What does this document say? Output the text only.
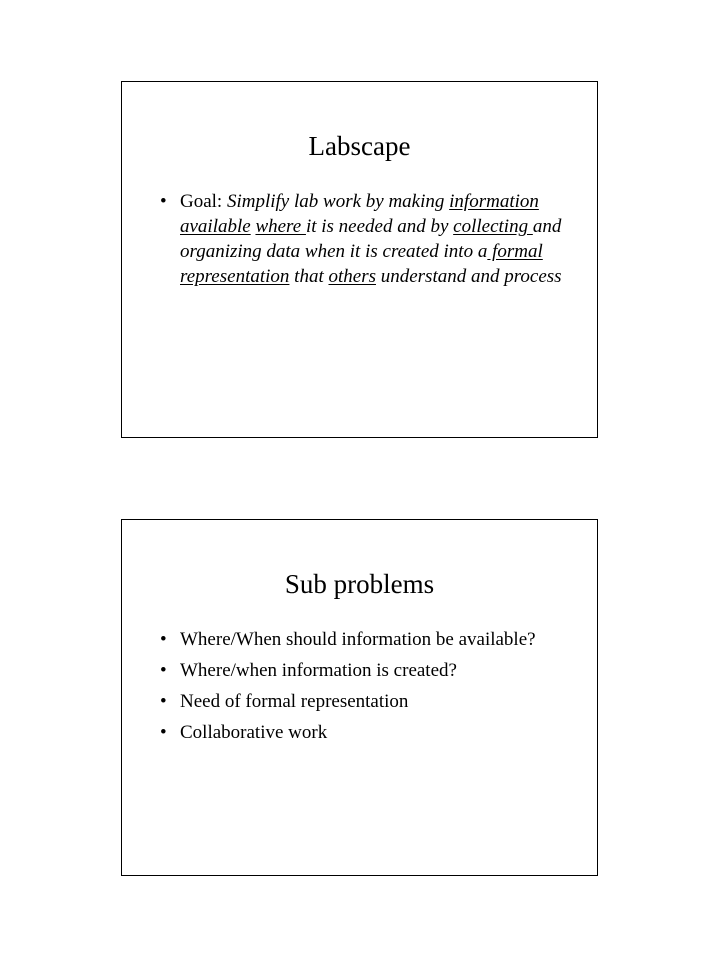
Labscape
• Goal: Simplify lab work by making information available where it is needed and by collecting and organizing data when it is created into a formal representation that others understand and process
Sub problems
• Where/When should information be available?
• Where/when information is created?
• Need of formal representation
• Collaborative work
